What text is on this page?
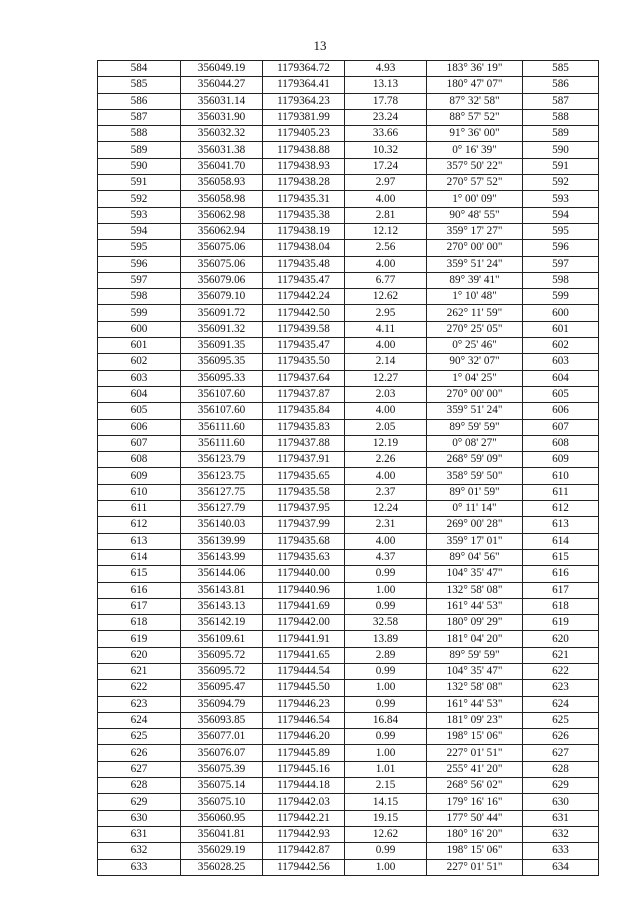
13
584	356049.19	1179364.72	4.93	183° 36' 19"	585
585	356044.27	1179364.41	13.13	180° 47' 07"	586
586	356031.14	1179364.23	17.78	87° 32' 58"	587
587	356031.90	1179381.99	23.24	88° 57' 52"	588
588	356032.32	1179405.23	33.66	91° 36' 00"	589
589	356031.38	1179438.88	10.32	0° 16' 39"	590
590	356041.70	1179438.93	17.24	357° 50' 22"	591
591	356058.93	1179438.28	2.97	270° 57' 52"	592
592	356058.98	1179435.31	4.00	1° 00' 09"	593
593	356062.98	1179435.38	2.81	90° 48' 55"	594
594	356062.94	1179438.19	12.12	359° 17' 27"	595
595	356075.06	1179438.04	2.56	270° 00' 00"	596
596	356075.06	1179435.48	4.00	359° 51' 24"	597
597	356079.06	1179435.47	6.77	89° 39' 41"	598
598	356079.10	1179442.24	12.62	1° 10' 48"	599
599	356091.72	1179442.50	2.95	262° 11' 59"	600
600	356091.32	1179439.58	4.11	270° 25' 05"	601
601	356091.35	1179435.47	4.00	0° 25' 46"	602
602	356095.35	1179435.50	2.14	90° 32' 07"	603
603	356095.33	1179437.64	12.27	1° 04' 25"	604
604	356107.60	1179437.87	2.03	270° 00' 00"	605
605	356107.60	1179435.84	4.00	359° 51' 24"	606
606	356111.60	1179435.83	2.05	89° 59' 59"	607
607	356111.60	1179437.88	12.19	0° 08' 27"	608
608	356123.79	1179437.91	2.26	268° 59' 09"	609
609	356123.75	1179435.65	4.00	358° 59' 50"	610
610	356127.75	1179435.58	2.37	89° 01' 59"	611
611	356127.79	1179437.95	12.24	0° 11' 14"	612
612	356140.03	1179437.99	2.31	269° 00' 28"	613
613	356139.99	1179435.68	4.00	359° 17' 01"	614
614	356143.99	1179435.63	4.37	89° 04' 56"	615
615	356144.06	1179440.00	0.99	104° 35' 47"	616
616	356143.81	1179440.96	1.00	132° 58' 08"	617
617	356143.13	1179441.69	0.99	161° 44' 53"	618
618	356142.19	1179442.00	32.58	180° 09' 29"	619
619	356109.61	1179441.91	13.89	181° 04' 20"	620
620	356095.72	1179441.65	2.89	89° 59' 59"	621
621	356095.72	1179444.54	0.99	104° 35' 47"	622
622	356095.47	1179445.50	1.00	132° 58' 08"	623
623	356094.79	1179446.23	0.99	161° 44' 53"	624
624	356093.85	1179446.54	16.84	181° 09' 23"	625
625	356077.01	1179446.20	0.99	198° 15' 06"	626
626	356076.07	1179445.89	1.00	227° 01' 51"	627
627	356075.39	1179445.16	1.01	255° 41' 20"	628
628	356075.14	1179444.18	2.15	268° 56' 02"	629
629	356075.10	1179442.03	14.15	179° 16' 16"	630
630	356060.95	1179442.21	19.15	177° 50' 44"	631
631	356041.81	1179442.93	12.62	180° 16' 20"	632
632	356029.19	1179442.87	0.99	198° 15' 06"	633
633	356028.25	1179442.56	1.00	227° 01' 51"	634
